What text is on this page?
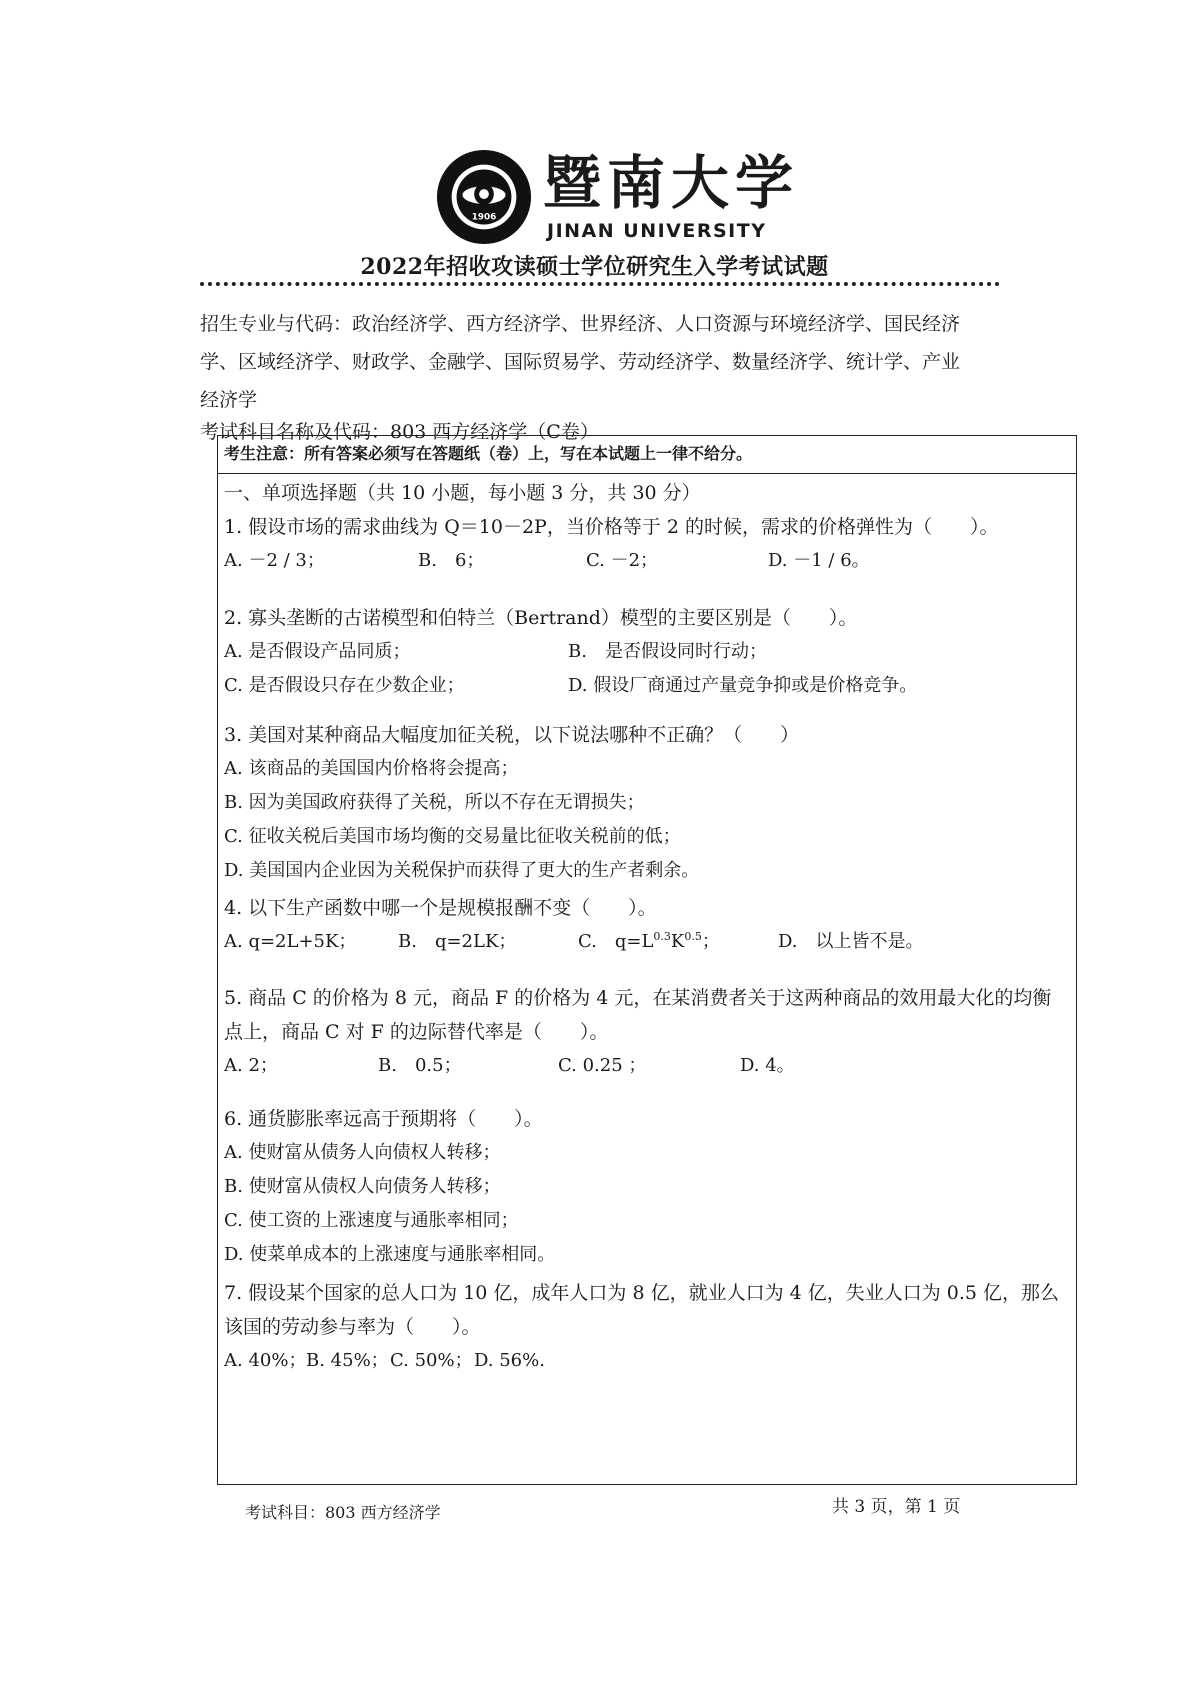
1906
暨南大学
JINAN UNIVERSITY
2022年招收攻读硕士学位研究生入学考试试题
招生专业与代码：政治经济学、西方经济学、世界经济、人口资源与环境经济学、国民经济
学、区域经济学、财政学、金融学、国际贸易学、劳动经济学、数量经济学、统计学、产业
经济学
考试科目名称及代码：803 西方经济学（C卷）
考生注意：所有答案必须写在答题纸（卷）上，写在本试题上一律不给分。
一、单项选择题（共 10 小题，每小题 3 分，共 30 分）
1. 假设市场的需求曲线为 Q＝10－2P，当价格等于 2 的时候，需求的价格弹性为（　　）。
A. －2 / 3；	B.　6；	C. －2；	D. －1 / 6。
2. 寡头垄断的古诺模型和伯特兰（Bertrand）模型的主要区别是（　　）。
A. 是否假设产品同质；	B.　是否假设同时行动；
C. 是否假设只存在少数企业；	D. 假设厂商通过产量竞争抑或是价格竞争。
3. 美国对某种商品大幅度加征关税，以下说法哪种不正确？（　　）
A. 该商品的美国国内价格将会提高；
B. 因为美国政府获得了关税，所以不存在无谓损失；
C. 征收关税后美国市场均衡的交易量比征收关税前的低；
D. 美国国内企业因为关税保护而获得了更大的生产者剩余。
4. 以下生产函数中哪一个是规模报酬不变（　　）。
A. q=2L+5K； B.　q=2LK；	C.　$q=L^{0.3}K^{0.5}$；	D.　以上皆不是。
5. 商品 C 的价格为 8 元，商品 F 的价格为 4 元，在某消费者关于这两种商品的效用最大化的均衡点上，商品 C 对 F 的边际替代率是（　　）。
A. 2；	B.　0.5；	C. 0.25 ；	D. 4。
6. 通货膨胀率远高于预期将（　　）。
A. 使财富从债务人向债权人转移；
B. 使财富从债权人向债务人转移；
C. 使工资的上涨速度与通胀率相同；
D. 使菜单成本的上涨速度与通胀率相同。
7. 假设某个国家的总人口为 10 亿，成年人口为 8 亿，就业人口为 4 亿，失业人口为 0.5 亿，那么该国的劳动参与率为（　　）。
A. 40%； B. 45%； C. 50%； D. 56%.
考试科目：803 西方经济学	共 3 页，第 1 页
